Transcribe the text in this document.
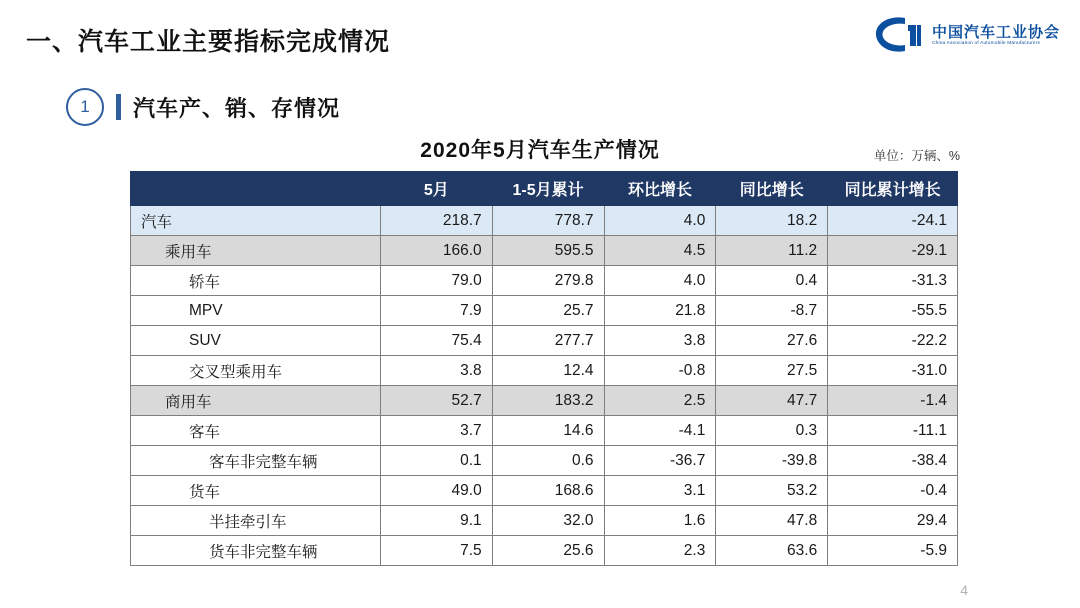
一、汽车工业主要指标完成情况	中国汽车工业协会
China Association of Automobile Manufacturers
1	汽车产、销、存情况
2020年5月汽车生产情况	单位：万辆、%
	5月	1-5月累计	环比增长	同比增长	同比累计增长
汽车	218.7	778.7	4.0	18.2	-24.1
乘用车	166.0	595.5	4.5	11.2	-29.1
轿车	79.0	279.8	4.0	0.4	-31.3
MPV	7.9	25.7	21.8	-8.7	-55.5
SUV	75.4	277.7	3.8	27.6	-22.2
交叉型乘用车	3.8	12.4	-0.8	27.5	-31.0
商用车	52.7	183.2	2.5	47.7	-1.4
客车	3.7	14.6	-4.1	0.3	-11.1
客车非完整车辆	0.1	0.6	-36.7	-39.8	-38.4
货车	49.0	168.6	3.1	53.2	-0.4
半挂牵引车	9.1	32.0	1.6	47.8	29.4
货车非完整车辆	7.5	25.6	2.3	63.6	-5.9
4
